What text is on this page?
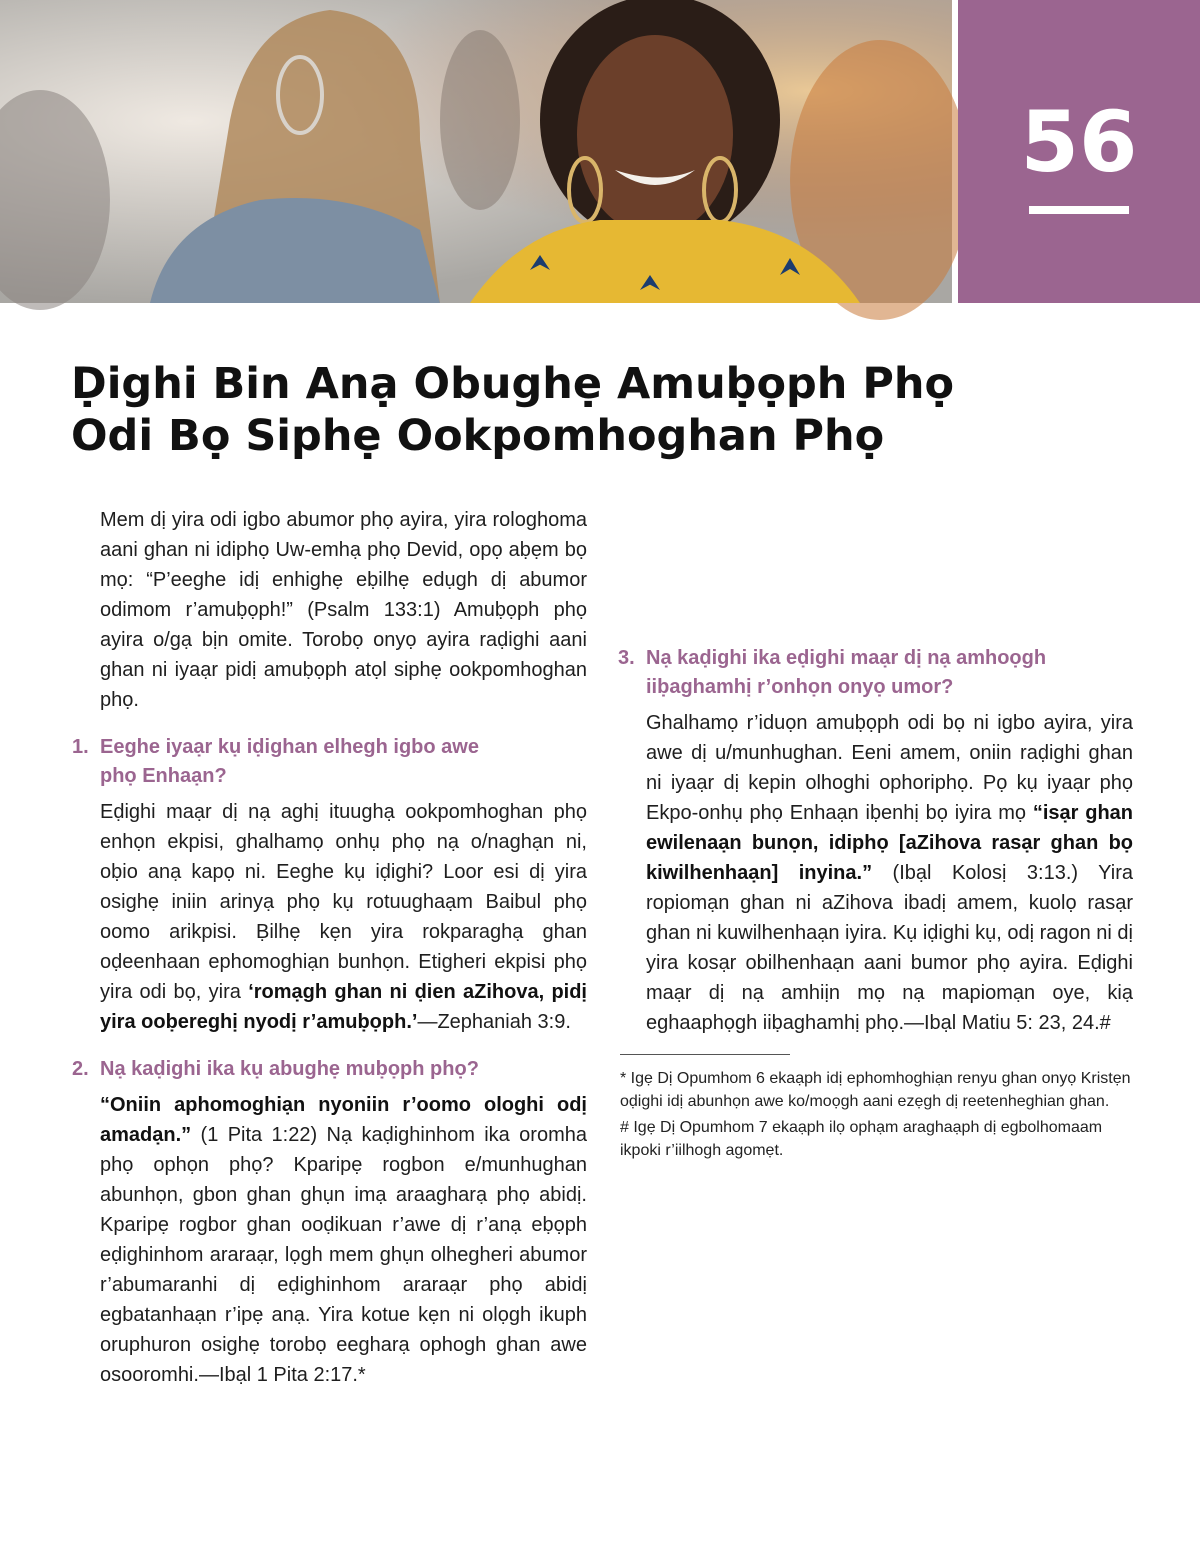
56
Ḍighi Bin Anạ Obughẹ Amuḅọph Phọ
Odi Bọ Siphẹ Ookpomhoghan Phọ

Mem dị yira odi igbo abumor phọ ayira, yira rologhoma aani ghan ni idiphọ Uw-emhạ phọ Devid, opọ aḅẹm bọ mọ: “P’eeghe idị enhighẹ eḅilhẹ edụgh dị abumor odimom r’amuḅọph!” (Psalm 133:1) Amuḅọph phọ ayira o/gạ bịn omite. Torobọ onyọ ayira raḍighi aani ghan ni iyaạr pidị amuḅọph atọl siphẹ ookpomhoghan phọ.

1. Eeghe iyaạr kụ iḍighan elhegh igbo awe
phọ Enhaạn?

Eḍighi maạr dị nạ aghị ituughạ ookpomhoghan phọ enhọn ekpisi, ghalhamọ onhụ phọ nạ o/naghạn ni, oḅio anạ kapọ ni. Eeghe kụ iḍighi? Loor esi dị yira osighẹ iniin arinyạ phọ kụ rotuughaạm Baibul phọ oomo arikpisi. Ḅilhẹ kẹn yira rokparaghạ ghan oḍeenhaan ephomoghiạn bunhọn. Etigheri ekpisi phọ yira odi bọ, yira ‘romạgh ghan ni ḍien aZihova, pidị yira ooḅereghị nyodị r’amuḅọph.’—Zephaniah 3:9.

2. Nạ kaḍighi ika kụ abughẹ muḅọph phọ?

“Oniin aphomoghiạn nyoniin r’oomo ologhi odị amadạn.” (1 Pita 1:22) Nạ kaḍighinhom ika oromha phọ ophọn phọ? Kparipẹ rogbon e/munhughan abunhọn, gbon ghan ghụn imạ araagharạ phọ abidị. Kparipẹ rogbor ghan ooḍikuan r’awe dị r’anạ eḅọph eḍighinhom araraạr, lọgh mem ghụn olhegheri abumor r’abumaranhi dị eḍighinhom araraạr phọ abidị egbatanhaạn r’ipẹ anạ. Yira kotue kẹn ni olọgh ikuph oruphuron osighẹ torobọ eegharạ ophogh ghan awe osooromhi.—Ibạl 1 Pita 2:17.*

3. Nạ kaḍighi ika eḍighi maạr dị nạ amhoọgh
iiḅaghamhị r’onhọn onyọ umor?

Ghalhamọ r’iduọn amuḅọph odi bọ ni igbo ayira, yira awe dị u/munhughan. Eeni amem, oniin raḍighi ghan ni iyaạr dị kepin olhoghi ophoriphọ. Pọ kụ iyaạr phọ Ekpo-onhụ phọ Enhaạn iḅenhị bọ iyira mọ “isạr ghan ewilenaạn bunọn, idiphọ [aZihova rasạr ghan bọ kiwilhenhaạn] inyina.” (Ibạl Kolosị 3:13.) Yira ropiomạn ghan ni aZihova ibadị amem, kuolọ rasạr ghan ni kuwilhenhaạn iyira. Kụ iḍighi kụ, odị ragon ni dị yira kosạr obilhenhaạn aani bumor phọ ayira. Eḍighi maạr dị nạ amhiịn mọ nạ mapiomạn oye, kiạ eghaaphọgh iiḅaghamhị phọ.—Ibạl Matiu 5: 23, 24.#

* Igẹ Dị Opumhom 6 ekaạph idị ephomhoghiạn renyu ghan onyọ Kristẹn oḍighi idị abunhọn awe ko/moọgh aani ezẹgh dị reetenheghian ghan.
# Igẹ Dị Opumhom 7 ekaạph ilọ ophạm araghaạph dị egbolhomaam ikpoki r’iilhogh agomẹt.
